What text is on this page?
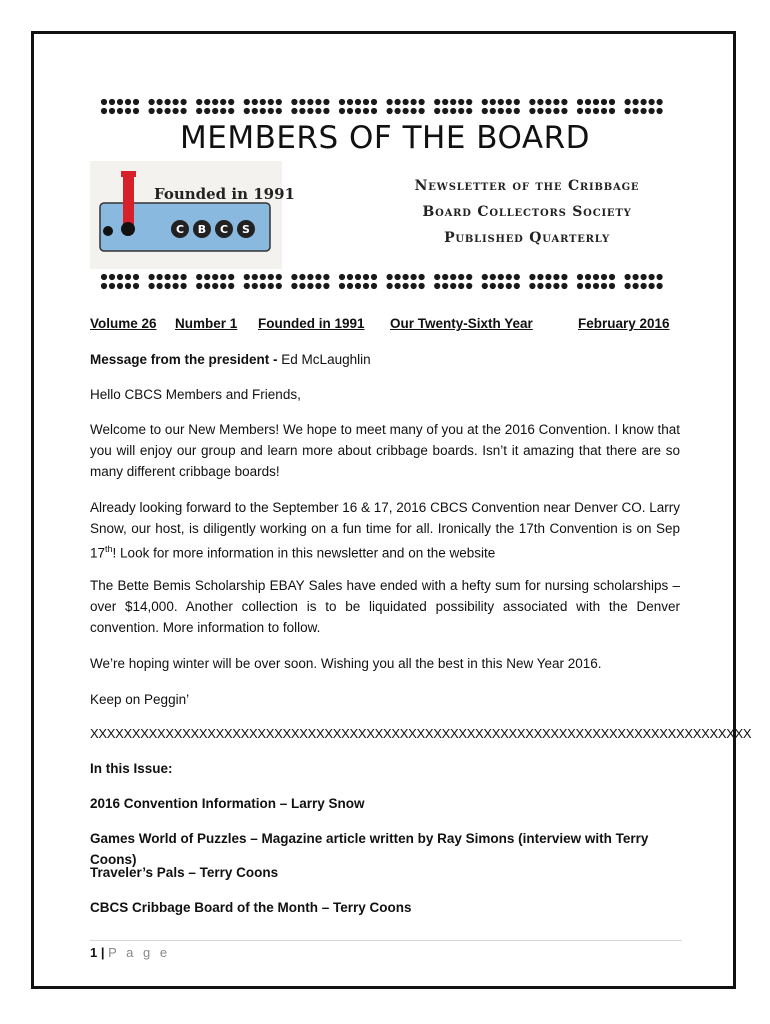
MEMBERS OF THE BOARD
Founded in 1991
C B C S
Newsletter of the Cribbage
Board Collectors Society
Published Quarterly
Volume 26 Number 1 Founded in 1991 Our Twenty-Sixth Year	February 2016
Message from the president - Ed McLaughlin
Hello CBCS Members and Friends,
Welcome to our New Members! We hope to meet many of you at the 2016 Convention. I know that you will enjoy our group and learn more about cribbage boards. Isn’t it amazing that there are so many different cribbage boards!
Already looking forward to the September 16 & 17, 2016 CBCS Convention near Denver CO. Larry Snow, our host, is diligently working on a fun time for all. Ironically the 17th Convention is on Sep 17th! Look for more information in this newsletter and on the website
The Bette Bemis Scholarship EBAY Sales have ended with a hefty sum for nursing scholarships – over $14,000. Another collection is to be liquidated possibility associated with the Denver convention. More information to follow.
We’re hoping winter will be over soon. Wishing you all the best in this New Year 2016.
Keep on Peggin’
XXXXXXXXXXXXXXXXXXXXXXXXXXXXXXXXXXXXXXXXXXXXXXXXXXXXXXXXXXXXXXXXXXXXXXXXXXXXXXX
In this Issue:
2016 Convention Information – Larry Snow
Games World of Puzzles – Magazine article written by Ray Simons (interview with Terry Coons)
Traveler’s Pals – Terry Coons
CBCS Cribbage Board of the Month – Terry Coons
1 | P a g e
